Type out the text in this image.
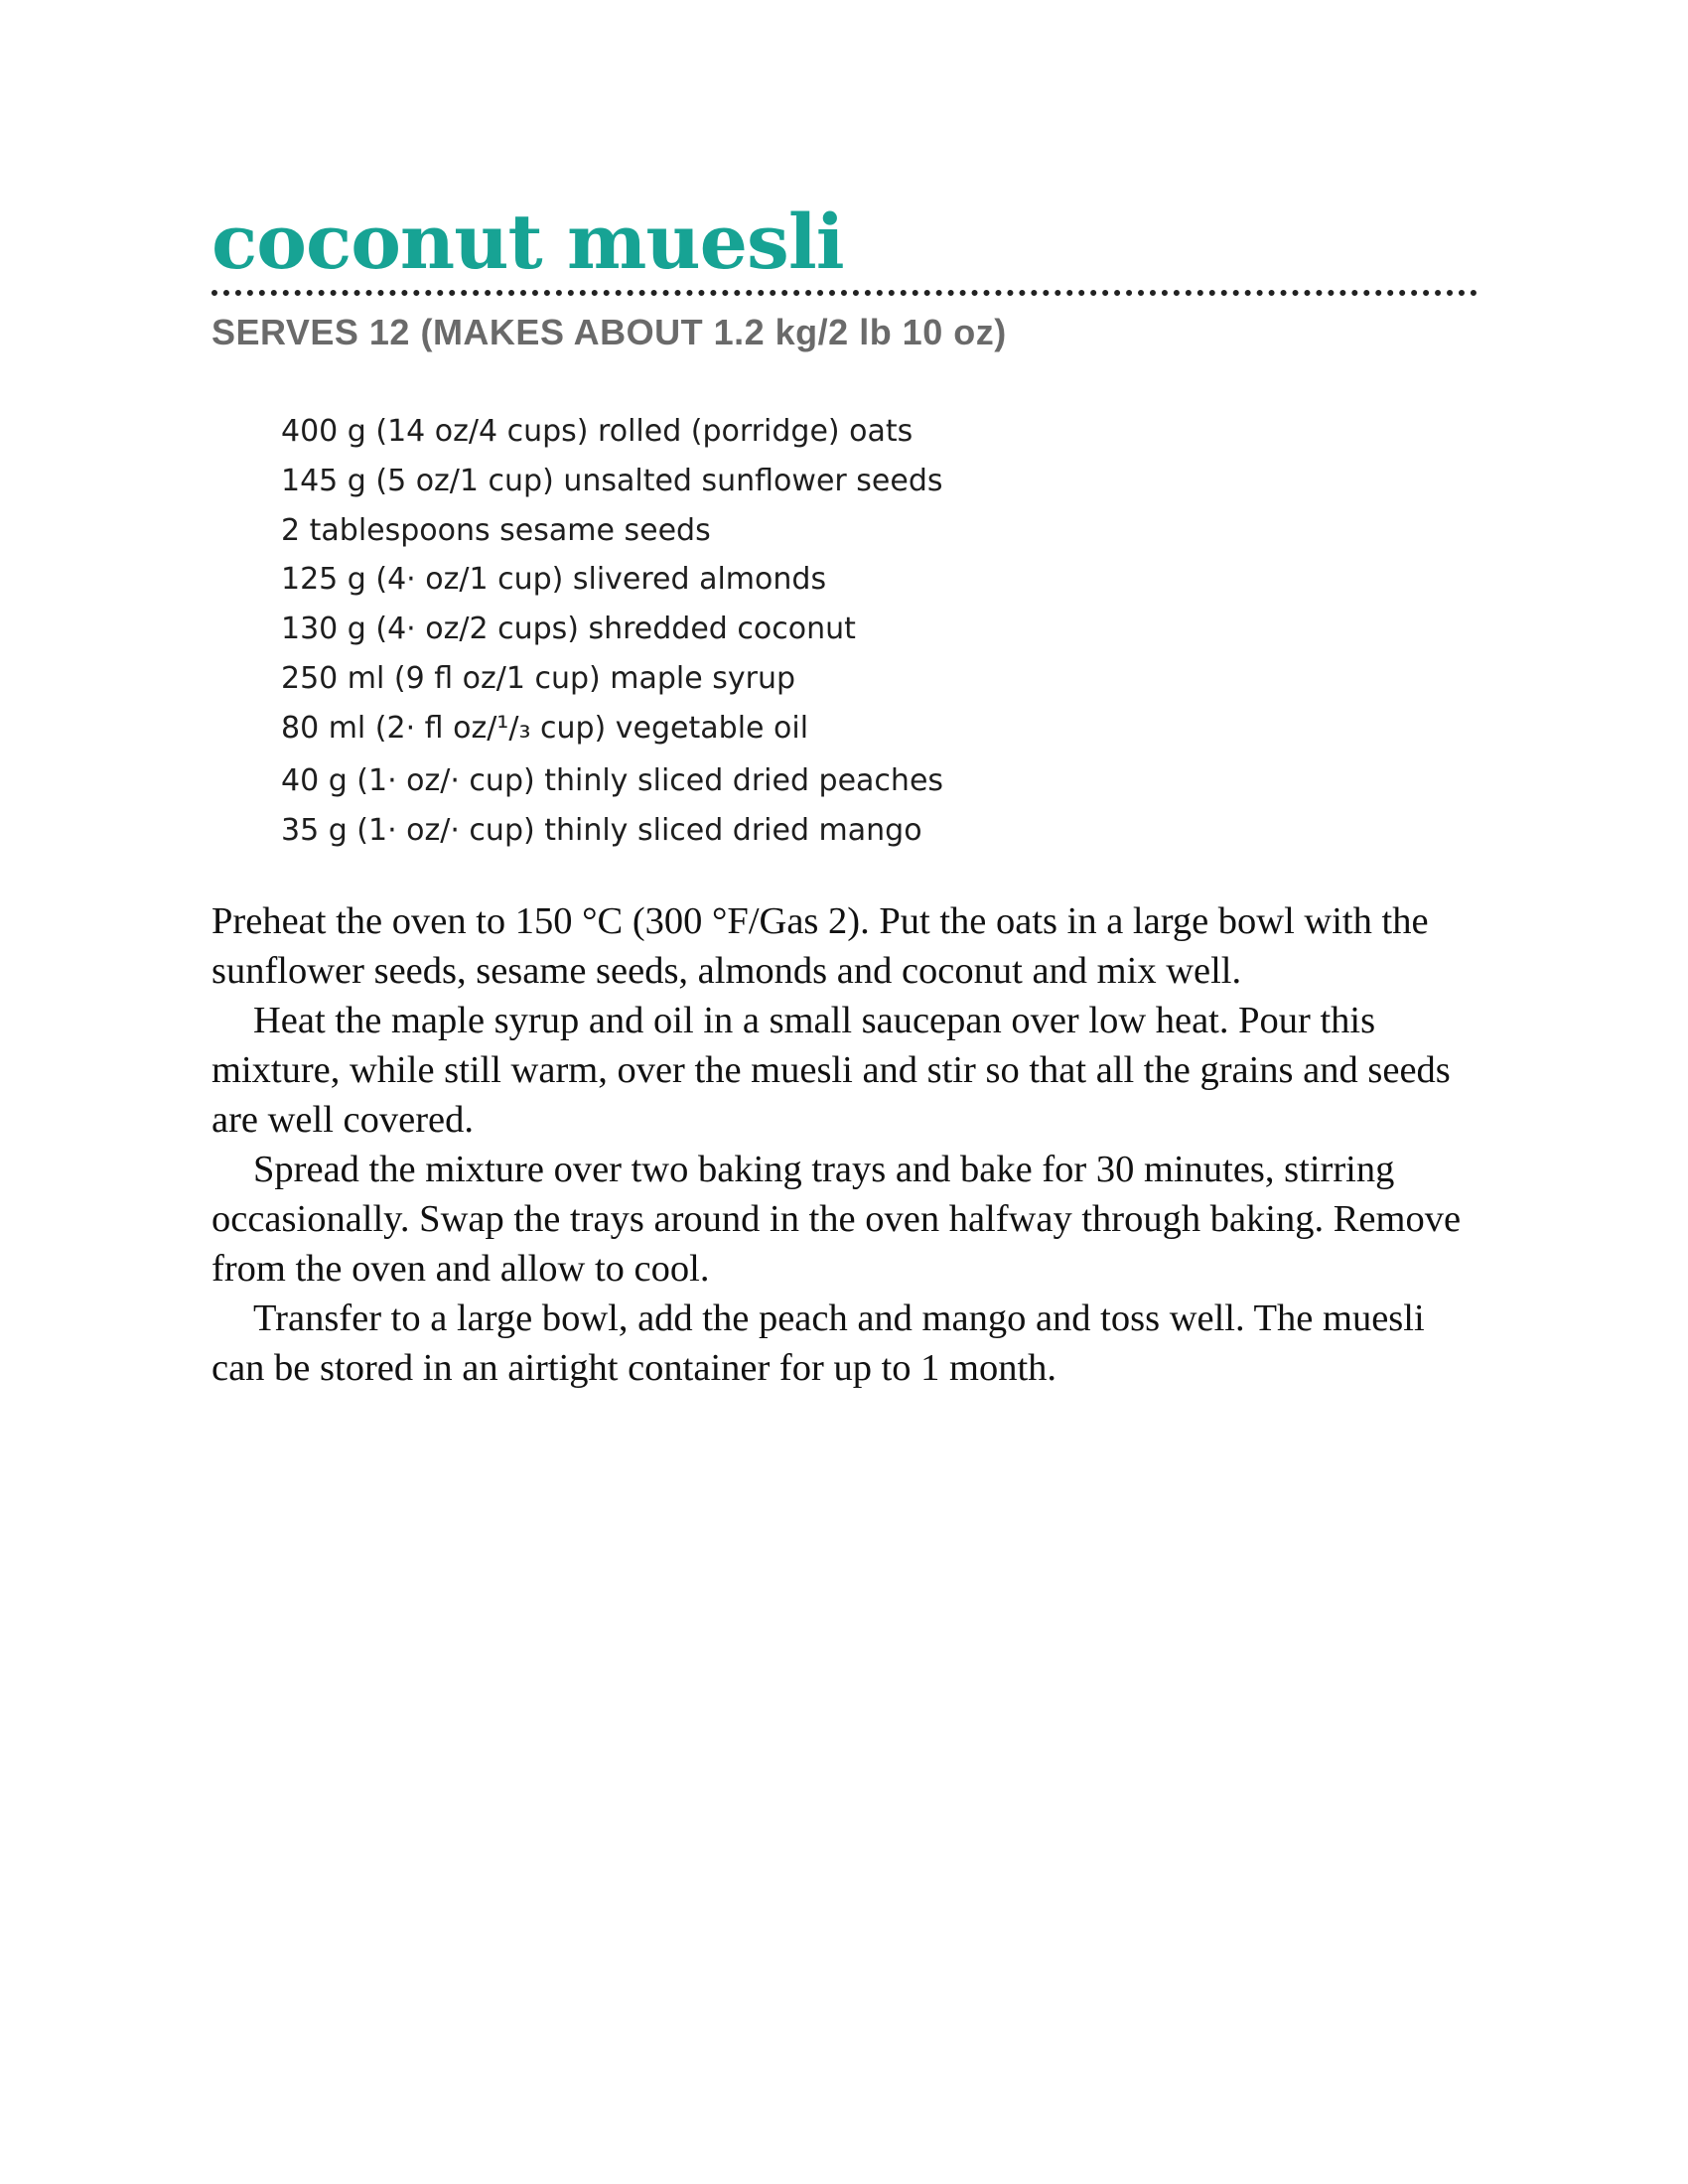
coconut muesli
SERVES 12 (MAKES ABOUT 1.2 kg/2 lb 10 oz)
400 g (14 oz/4 cups) rolled (porridge) oats
145 g (5 oz/1 cup) unsalted sunflower seeds
2 tablespoons sesame seeds
125 g (4· oz/1 cup) slivered almonds
130 g (4· oz/2 cups) shredded coconut
250 ml (9 fl oz/1 cup) maple syrup
80 ml (2· fl oz/¹/₃ cup) vegetable oil
40 g (1· oz/· cup) thinly sliced dried peaches
35 g (1· oz/· cup) thinly sliced dried mango

Preheat the oven to 150 °C (300 °F/Gas 2). Put the oats in a large bowl with the sunflower seeds, sesame seeds, almonds and coconut and mix well.

Heat the maple syrup and oil in a small saucepan over low heat. Pour this mixture, while still warm, over the muesli and stir so that all the grains and seeds are well covered.

Spread the mixture over two baking trays and bake for 30 minutes, stirring occasionally. Swap the trays around in the oven halfway through baking. Remove from the oven and allow to cool.

Transfer to a large bowl, add the peach and mango and toss well. The muesli can be stored in an airtight container for up to 1 month.
